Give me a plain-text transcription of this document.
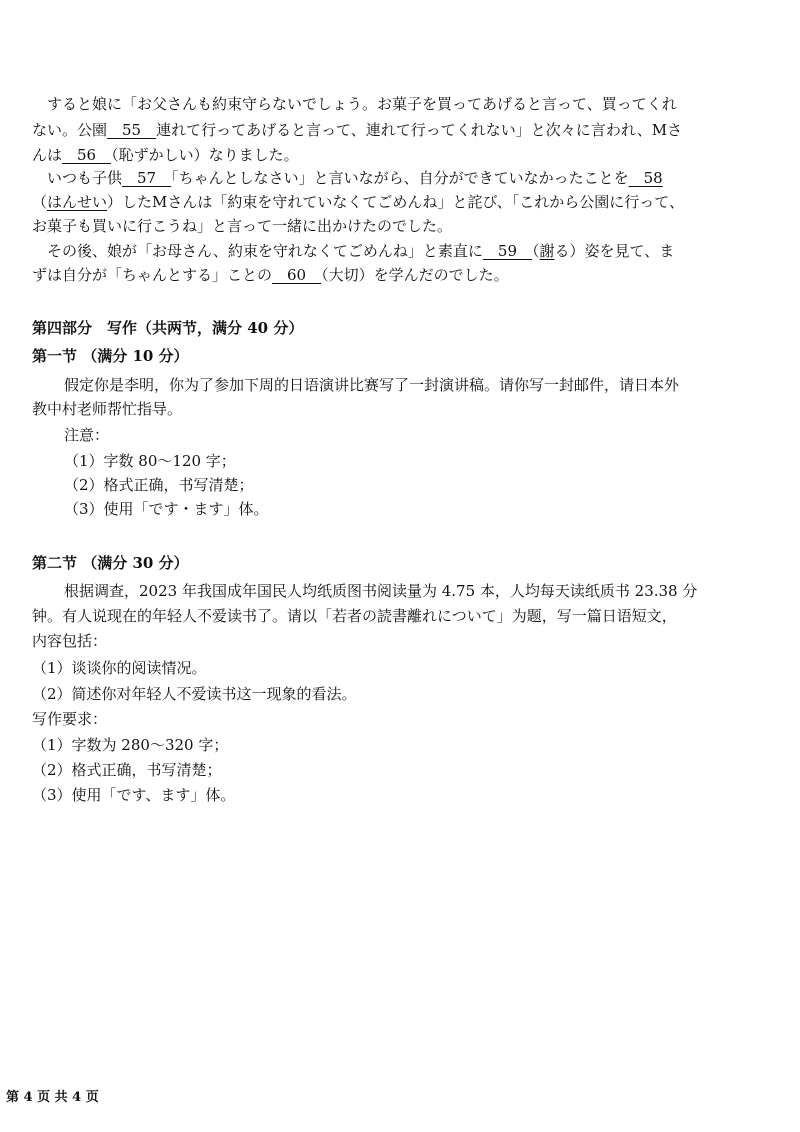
　すると娘に「お父さんも約束守らないでしょう。お菓子を買ってあげると言って、買ってくれ
ない。公園　55　連れて行ってあげると言って、連れて行ってくれない」と次々に言われ、Mさ
んは　56　（恥ずかしい）なりました。
　いつも子供　57　「ちゃんとしなさい」と言いながら、自分ができていなかったことを　58
（はんせい）したMさんは「約束を守れていなくてごめんね」と詫び、「これから公園に行って、
お菓子も買いに行こうね」と言って一緒に出かけたのでした。
　その後、娘が「お母さん、約束を守れなくてごめんね」と素直に　59　（謝る）姿を見て、ま
ずは自分が「ちゃんとする」ことの　60　（大切）を学んだのでした。
第四部分　写作（共两节，满分 40 分）
第一节 （满分 10 分）
假定你是李明，你为了参加下周的日语演讲比赛写了一封演讲稿。请你写一封邮件，请日本外
教中村老师帮忙指导。
注意：
（1）字数 80～120 字；
（2）格式正确，书写清楚；
（3）使用「です・ます」体。
第二节 （满分 30 分）
根据调查，2023 年我国成年国民人均纸质图书阅读量为 4.75 本，人均每天读纸质书 23.38 分
钟。有人说现在的年轻人不爱读书了。请以「若者の読書離れについて」为题，写一篇日语短文，
内容包括：
（1）谈谈你的阅读情况。
（2）简述你对年轻人不爱读书这一现象的看法。
写作要求：
（1）字数为 280～320 字；
（2）格式正确，书写清楚；
（3）使用「です、ます」体。
第 4 页 共 4 页
